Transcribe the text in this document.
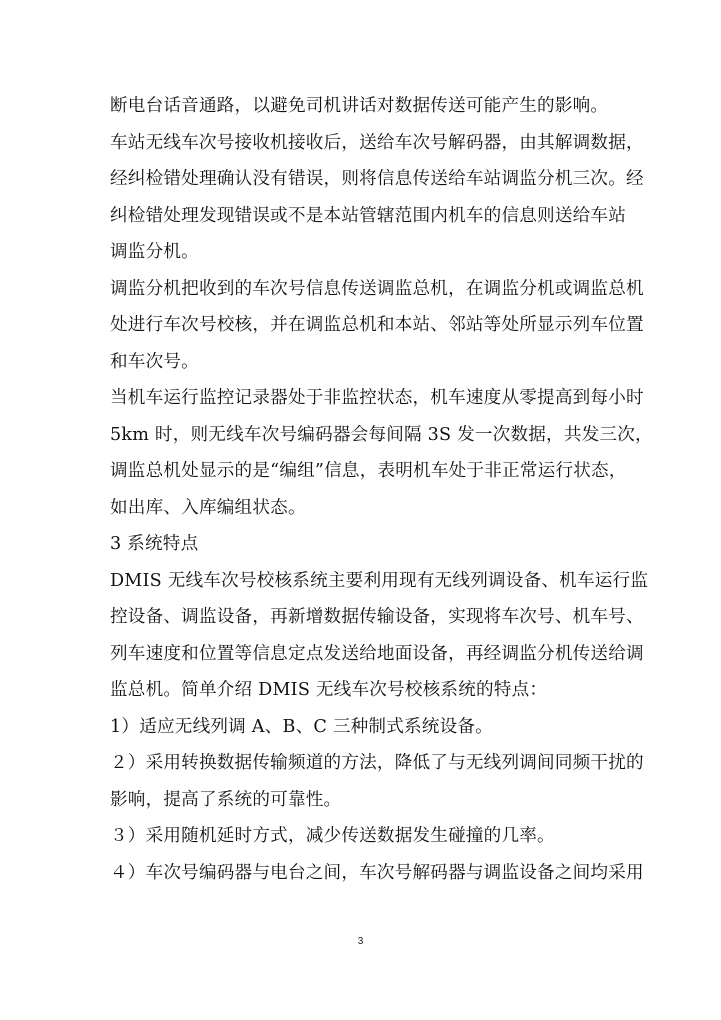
断电台话音通路，以避免司机讲话对数据传送可能产生的影响。
车站无线车次号接收机接收后，送给车次号解码器，由其解调数据，
经纠检错处理确认没有错误，则将信息传送给车站调监分机三次。经
纠检错处理发现错误或不是本站管辖范围内机车的信息则送给车站
调监分机。
调监分机把收到的车次号信息传送调监总机，在调监分机或调监总机
处进行车次号校核，并在调监总机和本站、邻站等处所显示列车位置
和车次号。
当机车运行监控记录器处于非监控状态，机车速度从零提高到每小时
5km 时，则无线车次号编码器会每间隔 3S 发一次数据，共发三次，
调监总机处显示的是“编组”信息，表明机车处于非正常运行状态，
如出库、入库编组状态。
3 系统特点
DMIS 无线车次号校核系统主要利用现有无线列调设备、机车运行监
控设备、调监设备，再新增数据传输设备，实现将车次号、机车号、
列车速度和位置等信息定点发送给地面设备，再经调监分机传送给调
监总机。简单介绍 DMIS 无线车次号校核系统的特点：
1）适应无线列调 A、B、C 三种制式系统设备。
２）采用转换数据传输频道的方法，降低了与无线列调间同频干扰的
影响，提高了系统的可靠性。
３）采用随机延时方式，减少传送数据发生碰撞的几率。
４）车次号编码器与电台之间，车次号解码器与调监设备之间均采用
3
